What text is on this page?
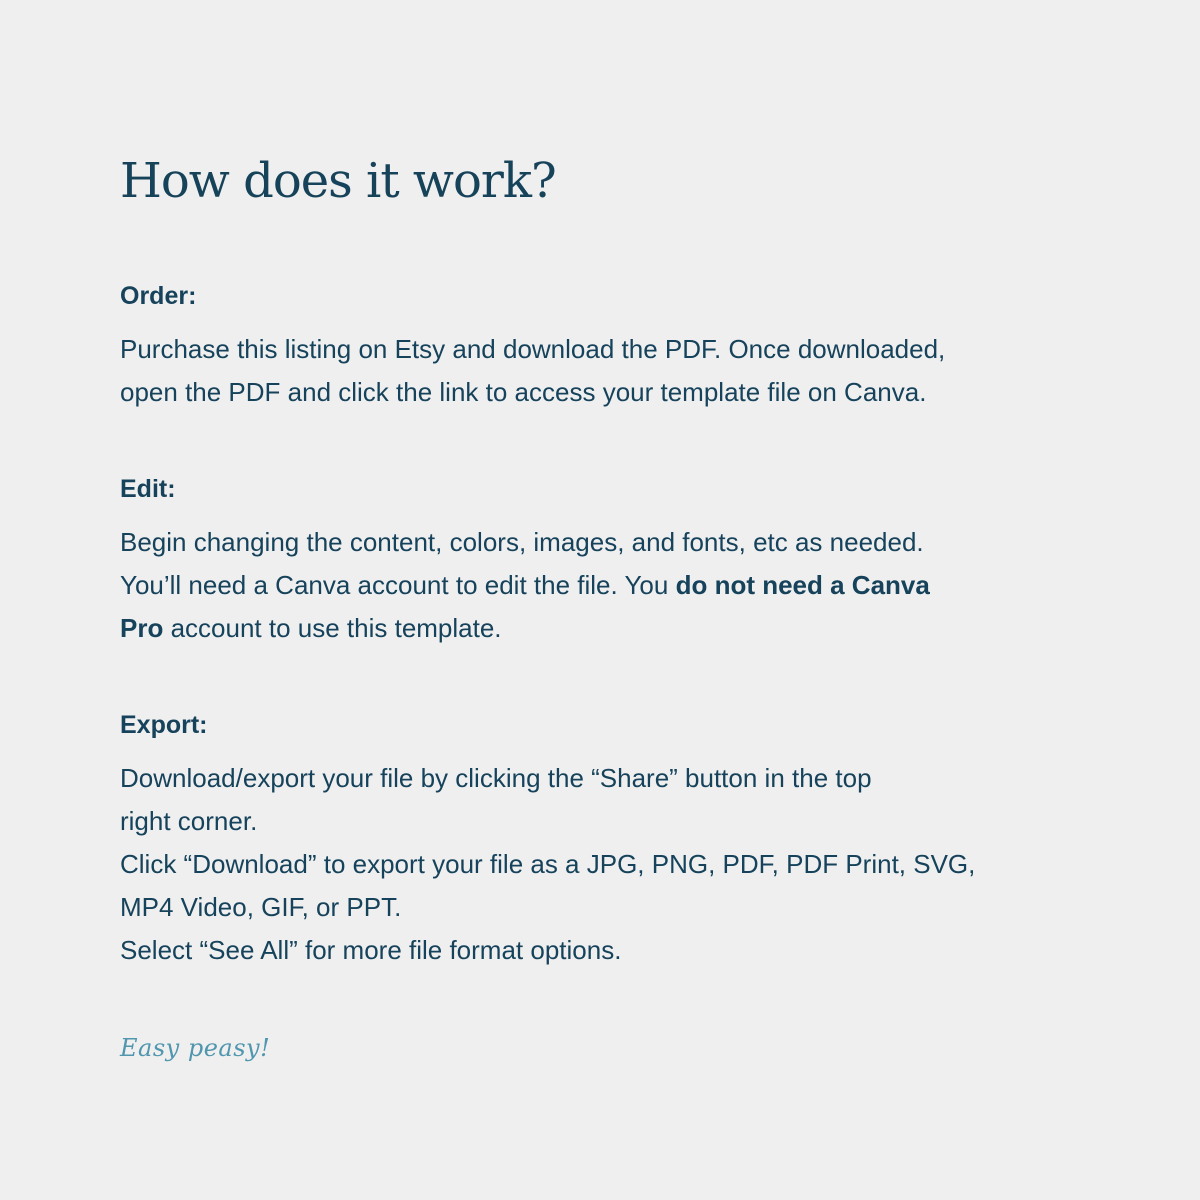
How does it work?
Order:

Purchase this listing on Etsy and download the PDF. Once downloaded,
open the PDF and click the link to access your template file on Canva.

Edit:

Begin changing the content, colors, images, and fonts, etc as needed.
You’ll need a Canva account to edit the file. You do not need a Canva
Pro account to use this template.

Export:

Download/export your file by clicking the “Share” button in the top
right corner.
Click “Download” to export your file as a JPG, PNG, PDF, PDF Print, SVG,
MP4 Video, GIF, or PPT.
Select “See All” for more file format options.

Easy peasy!
